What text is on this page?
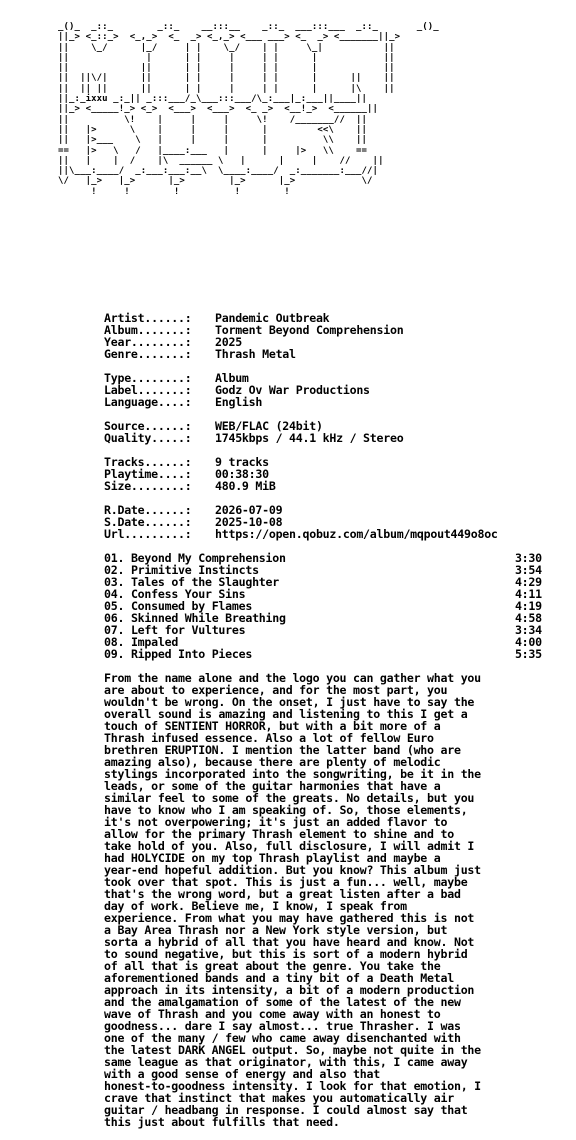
_()_  _::_        _::_    __:::__    _::_  ___:::___  _::_       _()_
||_> <_::_>  <_,_>  <_  _> <_,_> <___ ___> <_  _> <_______||_>
||    \_/      |_/     | |    \_/    | |     \_|           ||
||              |      | |     |     | |      |            ||
||             ||      | |     |     | |      |            ||
||  ||\/|      ||      | |     |     | |      |      ||    ||
||  || ||      ||      | |     |     | |      |      |\    ||
||_:_ixxu _:_|| _:::___/_\___:::___/\_:___|_:___||____||
||_> <_____!_> <_>  <___>  <___>  <_ _>  <__!_>  <______||
||          \!    |     |     |     \!    /_______//  ||
||   |>      \    |     |     |      |         <<\    ||
||   |>___    \   |     |     |      |          \\    ||
==   |>   \   /   |____:___   |      |     |>   \\    ==
||   |    |  /    |\  ______ \   |      |     |    //    ||
||\___:____/  _:___:___:__\  \____:____/  _:_______:___//|
\/   |_>   |_>      |_>        |_>      |_>            \/
!     !        !          !        !
Artist......: Pandemic Outbreak
Album.......: Torment Beyond Comprehension
Year........: 2025
Genre.......: Thrash Metal
Type........: Album
Label.......: Godz Ov War Productions
Language....: English
Source......: WEB/FLAC (24bit)
Quality.....: 1745kbps / 44.1 kHz / Stereo
Tracks......: 9 tracks
Playtime....: 00:38:30
Size........: 480.9 MiB
R.Date......: 2026-07-09
S.Date......: 2025-10-08
Url.........: https://open.qobuz.com/album/mqpout449o8oc
01. Beyond My Comprehension	3:30
02. Primitive Instincts	3:54
03. Tales of the Slaughter	4:29
04. Confess Your Sins	4:11
05. Consumed by Flames	4:19
06. Skinned While Breathing	4:58
07. Left for Vultures	3:34
08. Impaled	4:00
09. Ripped Into Pieces	5:35
From the name alone and the logo you can gather what you
are about to experience, and for the most part, you
wouldn't be wrong. On the onset, I just have to say the
overall sound is amazing and listening to this I get a
touch of SENTIENT HORROR, but with a bit more of a
Thrash infused essence. Also a lot of fellow Euro
brethren ERUPTION. I mention the latter band (who are
amazing also), because there are plenty of melodic
stylings incorporated into the songwriting, be it in the
leads, or some of the guitar harmonies that have a
similar feel to some of the greats. No details, but you
have to know who I am speaking of. So, those elements,
it's not overpowering; it's just an added flavor to
allow for the primary Thrash element to shine and to
take hold of you. Also, full disclosure, I will admit I
had HOLYCIDE on my top Thrash playlist and maybe a
year-end hopeful addition. But you know? This album just
took over that spot. This is just a fun... well, maybe
that's the wrong word, but a great listen after a bad
day of work. Believe me, I know, I speak from
experience. From what you may have gathered this is not
a Bay Area Thrash nor a New York style version, but
sorta a hybrid of all that you have heard and know. Not
to sound negative, but this is sort of a modern hybrid
of all that is great about the genre. You take the
aforementioned bands and a tiny bit of a Death Metal
approach in its intensity, a bit of a modern production
and the amalgamation of some of the latest of the new
wave of Thrash and you come away with an honest to
goodness... dare I say almost... true Thrasher. I was
one of the many / few who came away disenchanted with
the latest DARK ANGEL output. So, maybe not quite in the
same league as that originator, with this, I came away
with a good sense of energy and also that
honest-to-goodness intensity. I look for that emotion, I
crave that instinct that makes you automatically air
guitar / headbang in response. I could almost say that
this just about fulfills that need.
